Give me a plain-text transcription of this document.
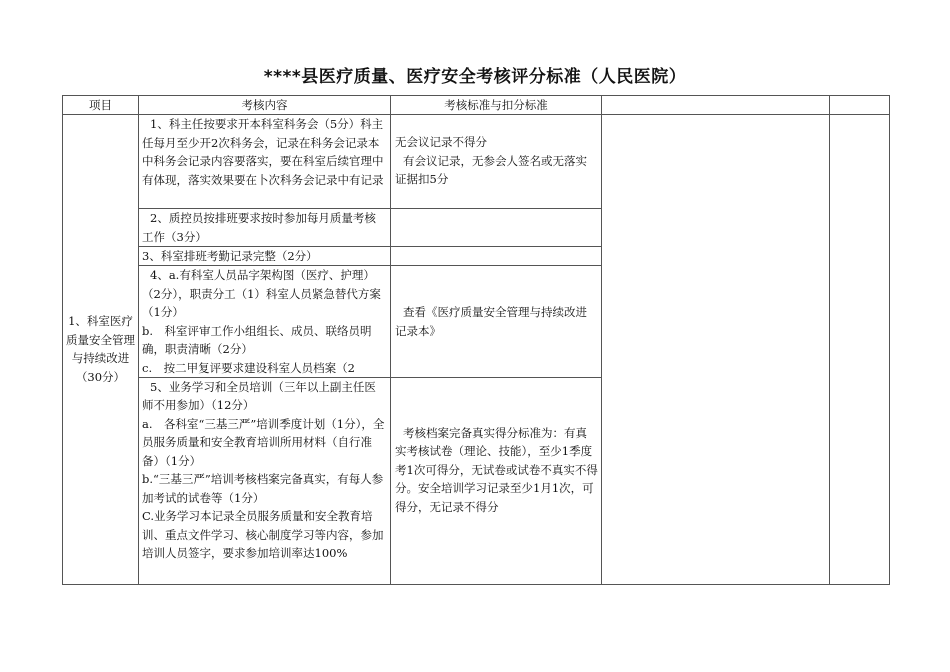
****县医疗质量、医疗安全考核评分标准（人民医院）
项目	考核内容	考核标准与扣分标准		
1、科室医疗质量安全管理与持续改进（30分）	1、科主任按要求开本科室科务会（5分）科主任每月至少开2次科务会，记录在科务会记录本中科务会记录内容要落实，要在科室后续官理中有体现，落实效果要在卜次科务会记录中有记录	无会议记录不得分

有会议记录，无参会人签名或无落实证据扣5分		

	2、质控员按排班要求按时参加每月质量考核工作（3分）			

	3、科室排班考勤记录完整（2分）			

	4、a.有科室人员品字架构图（医疗、护理）（2分），职责分工（1）科室人员紧急替代方案（1分）

b.　科室评审工作小组组长、成员、联络员明确，职责清晰（2分）

c.　按二甲复评要求建设科室人员档案（2	查看《医疗质量安全管理与持续改进记录本》		

	5、业务学习和全员培训（三年以上副主任医师不用参加）（12分）

a.　各科室“三基三严”培训季度计划（1分），全员服务质量和安全教育培训所用材料（自行准备）（1分）

b.“三基三严”培训考核档案完备真实，有每人参加考试的试卷等（1分）

C.业务学习本记录全员服务质量和安全教育培训、重点文件学习、核心制度学习等内容，参加培训人员签字，要求参加培训率达100%	考核档案完备真实得分标准为：有真实考核试卷（理论、技能），至少1季度考1次可得分，无试卷或试卷不真实不得分。安全培训学习记录至少1月1次，可得分，无记录不得分		
